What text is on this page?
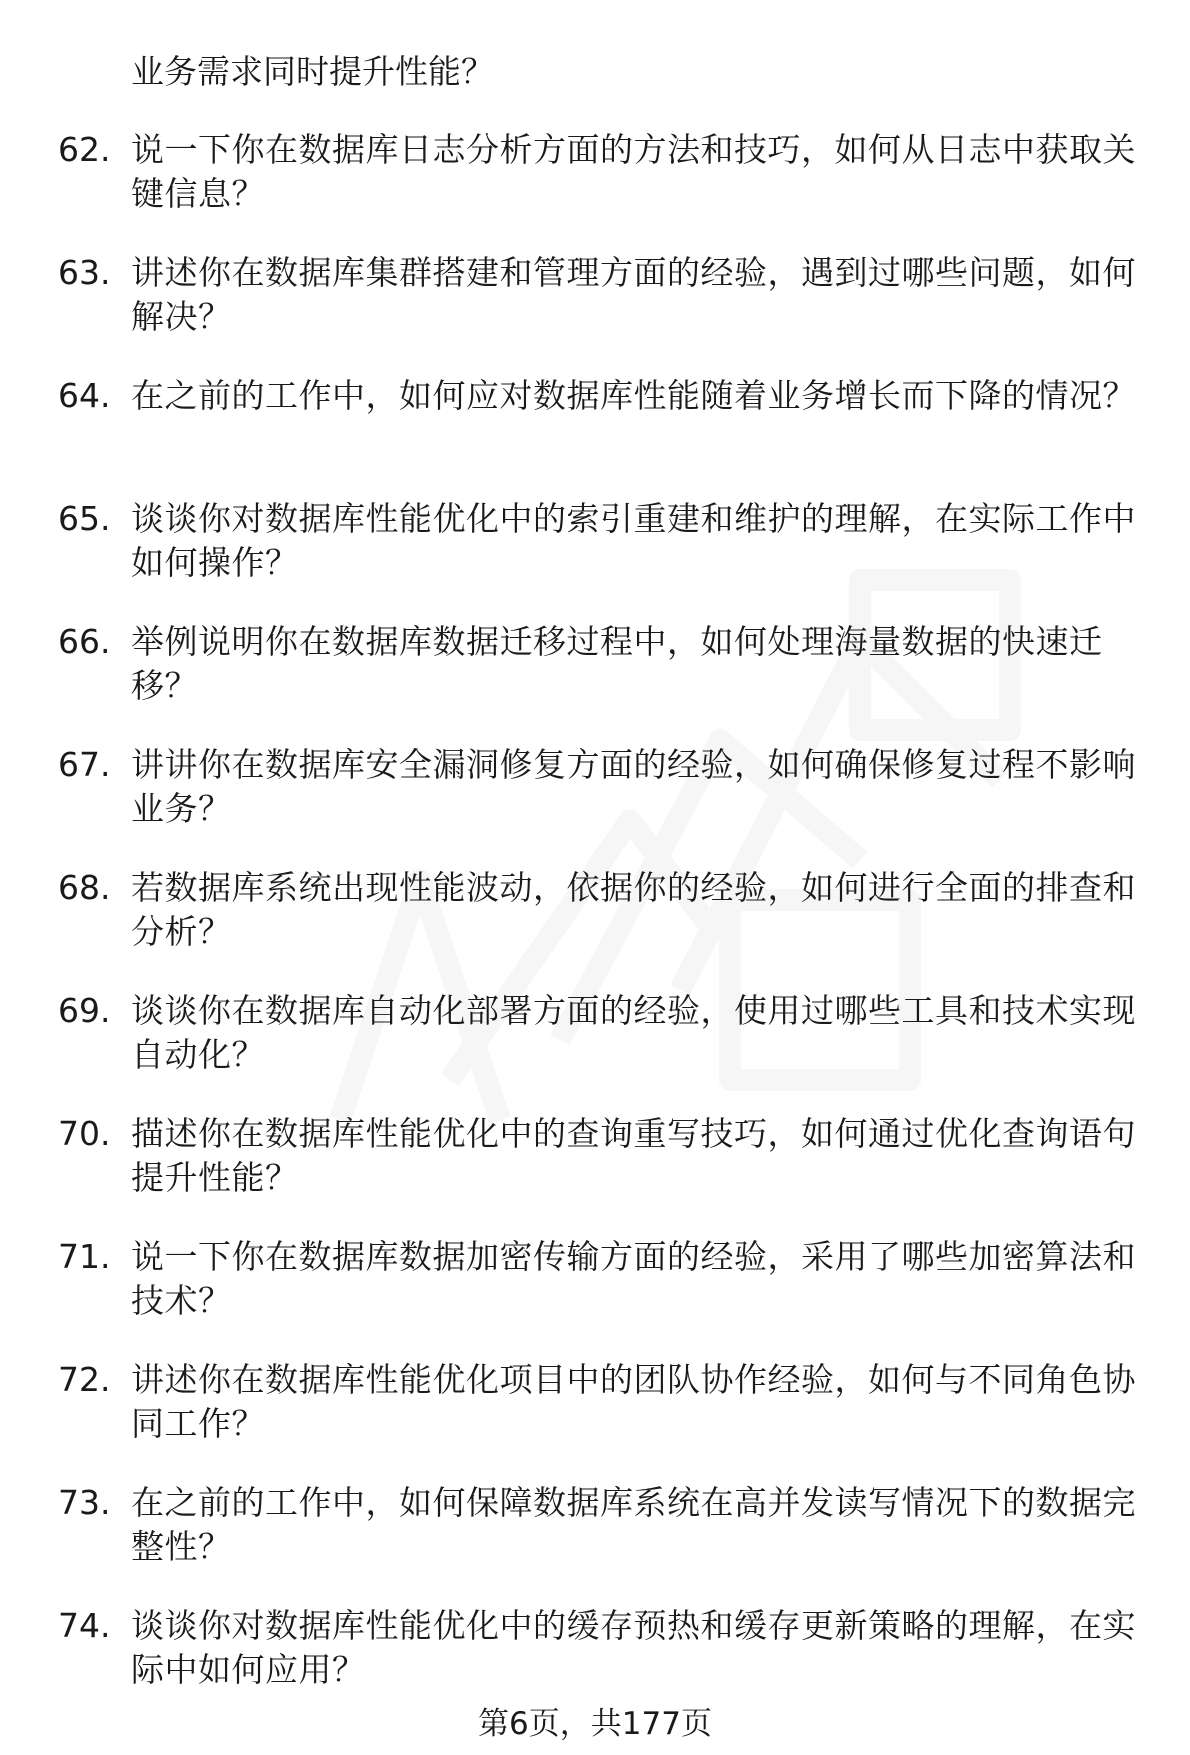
业务需求同时提升性能？
62. 说一下你在数据库日志分析方面的方法和技巧，如何从日志中获取关键信息？
63. 讲述你在数据库集群搭建和管理方面的经验，遇到过哪些问题，如何解决？
64. 在之前的工作中，如何应对数据库性能随着业务增长而下降的情况？
65. 谈谈你对数据库性能优化中的索引重建和维护的理解，在实际工作中如何操作？
66. 举例说明你在数据库数据迁移过程中，如何处理海量数据的快速迁移？
67. 讲讲你在数据库安全漏洞修复方面的经验，如何确保修复过程不影响业务？
68. 若数据库系统出现性能波动，依据你的经验，如何进行全面的排查和分析？
69. 谈谈你在数据库自动化部署方面的经验，使用过哪些工具和技术实现自动化？
70. 描述你在数据库性能优化中的查询重写技巧，如何通过优化查询语句提升性能？
71. 说一下你在数据库数据加密传输方面的经验，采用了哪些加密算法和技术？
72. 讲述你在数据库性能优化项目中的团队协作经验，如何与不同角色协同工作？
73. 在之前的工作中，如何保障数据库系统在高并发读写情况下的数据完整性？
74. 谈谈你对数据库性能优化中的缓存预热和缓存更新策略的理解，在实际中如何应用？
第6页，共177页
